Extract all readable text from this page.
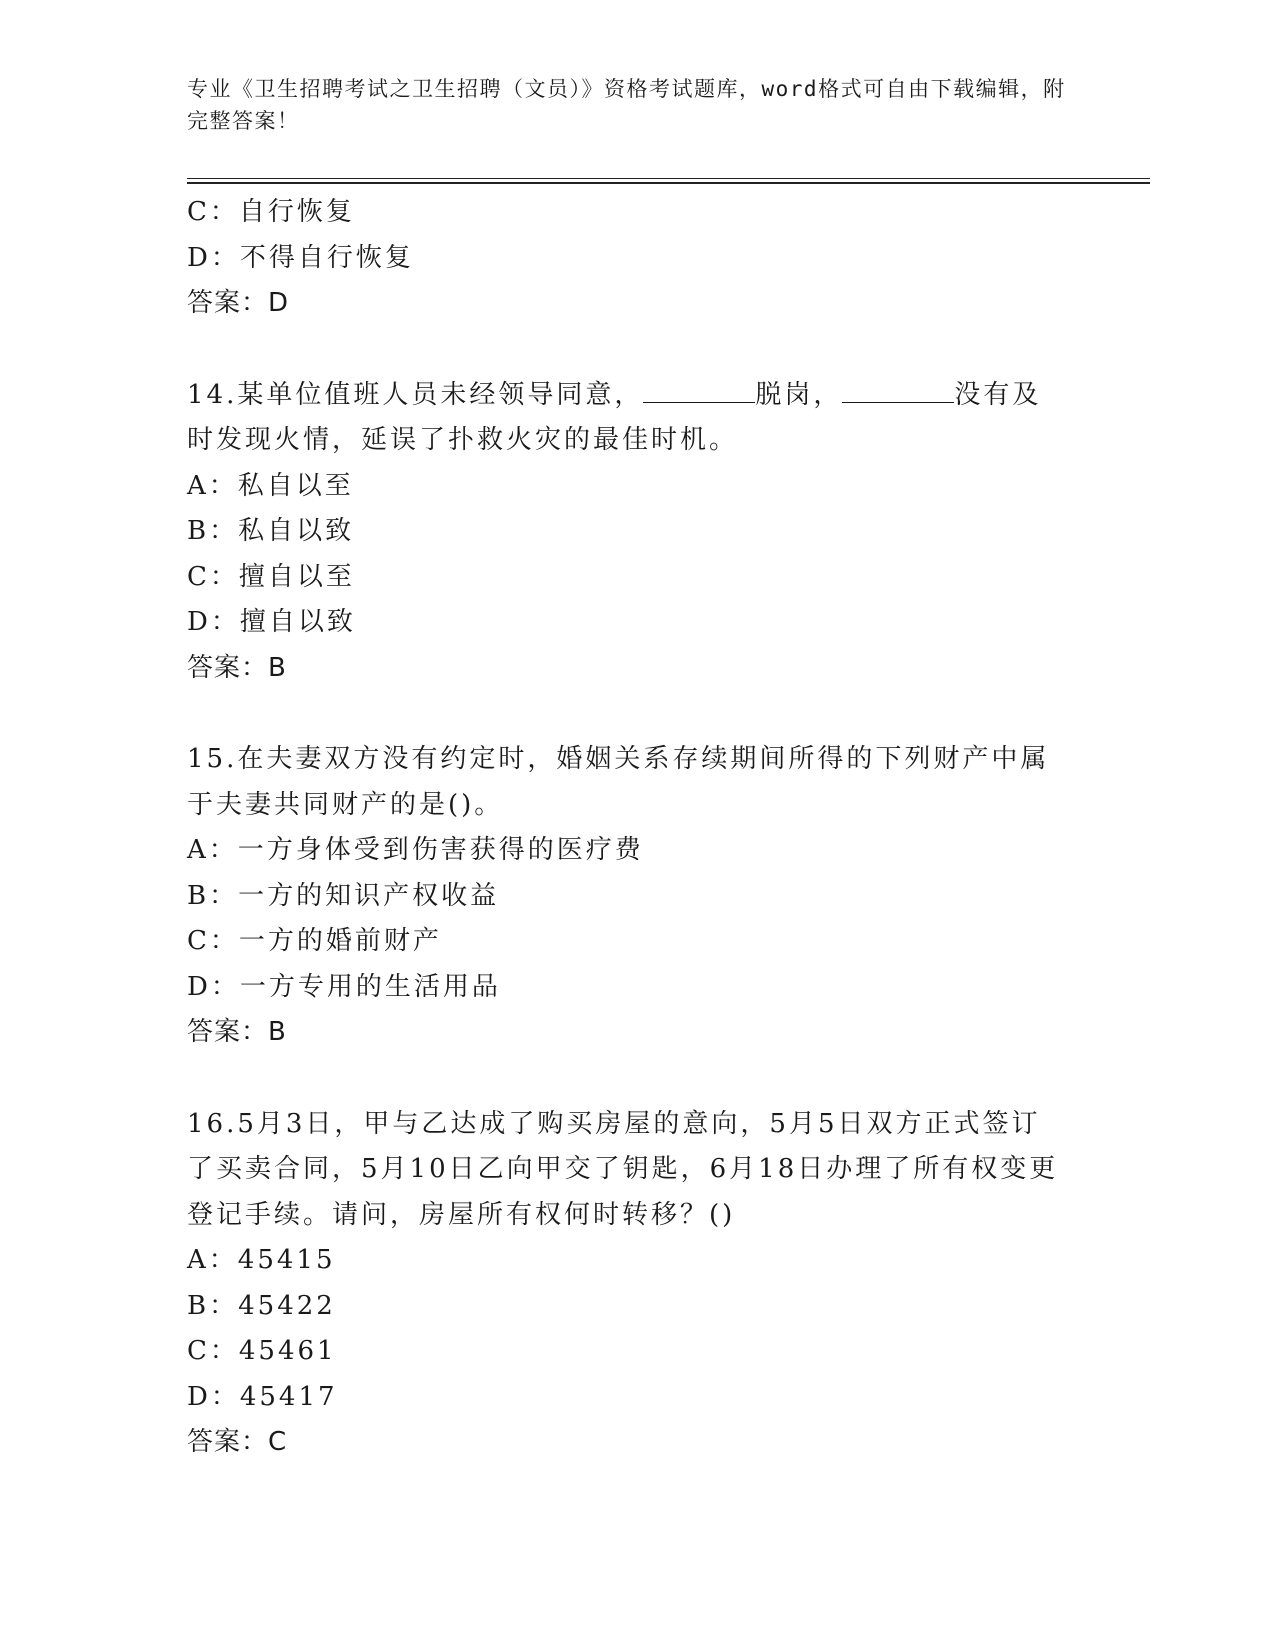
专业《卫生招聘考试之卫生招聘（文员）》资格考试题库，word格式可自由下载编辑，附完整答案！
C：自行恢复
D：不得自行恢复
答案：D
14.某单位值班人员未经领导同意，	脱岗，	没有及时发现火情，延误了扑救火灾的最佳时机。
A：私自以至
B：私自以致
C：擅自以至
D：擅自以致
答案：B
15.在夫妻双方没有约定时，婚姻关系存续期间所得的下列财产中属于夫妻共同财产的是()。
A：一方身体受到伤害获得的医疗费
B：一方的知识产权收益
C：一方的婚前财产
D：一方专用的生活用品
答案：B
16.5月3日，甲与乙达成了购买房屋的意向，5月5日双方正式签订了买卖合同，5月10日乙向甲交了钥匙，6月18日办理了所有权变更登记手续。请问，房屋所有权何时转移？()
A：45415
B：45422
C：45461
D：45417
答案：C
